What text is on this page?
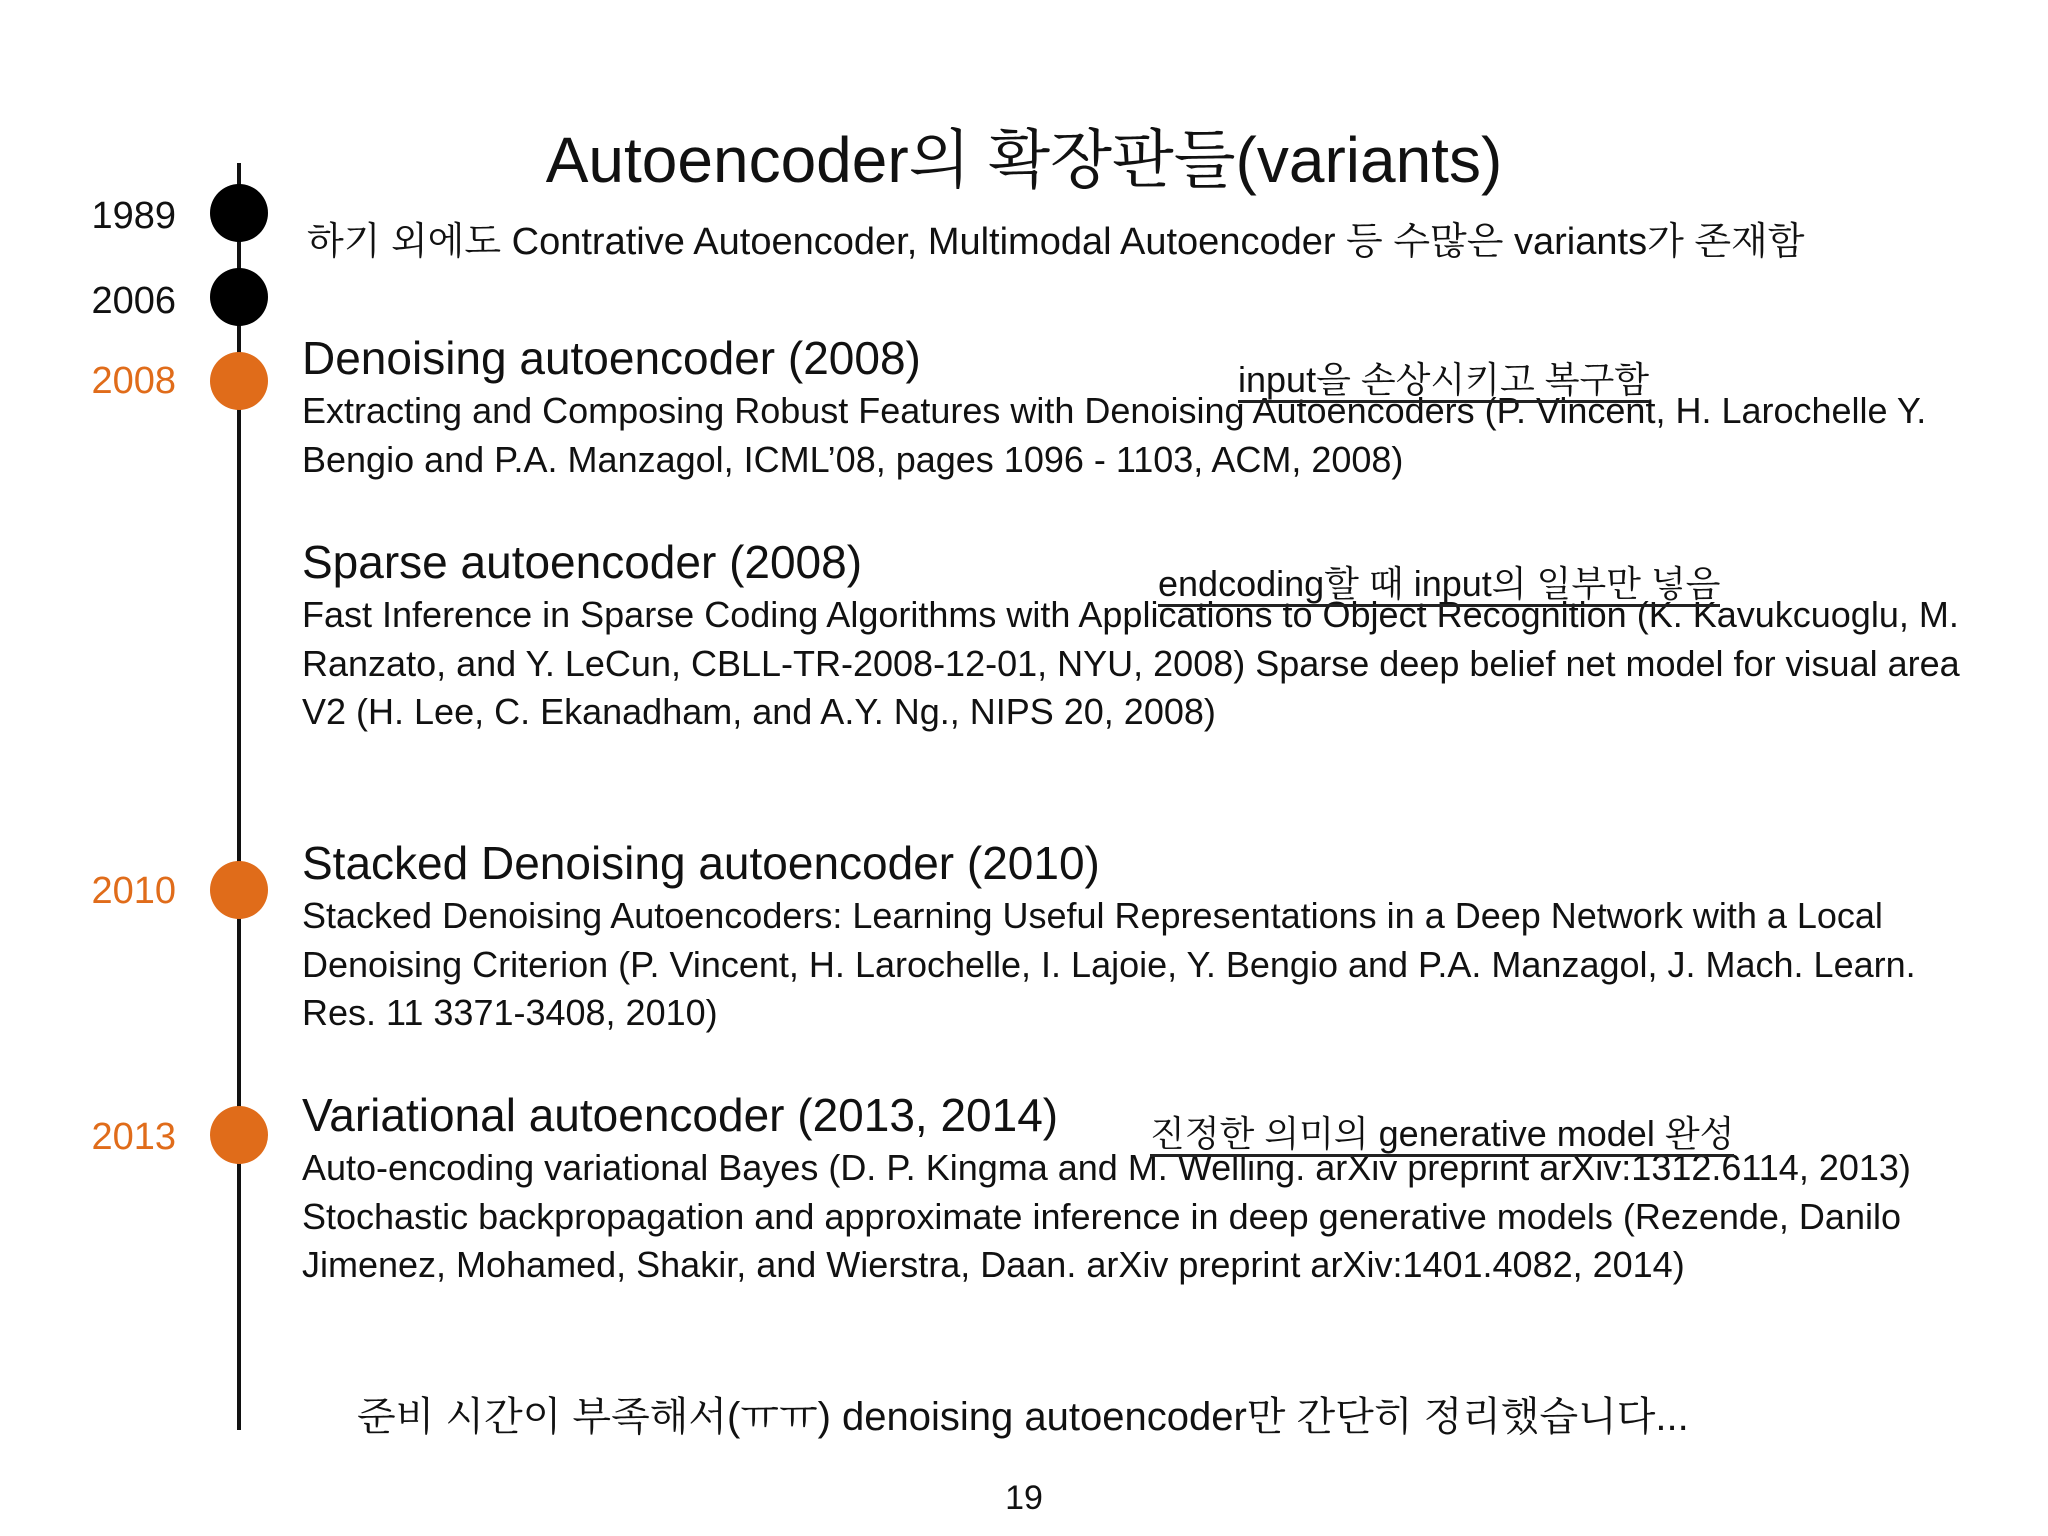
Autoencoder의 확장판들(variants)
하기 외에도 Contrative Autoencoder, Multimodal Autoencoder 등 수많은 variants가 존재함
1989
2006
2008
2010
2013
Denoising autoencoder (2008)
Extracting and Composing Robust Features with Denoising Autoencoders (P. Vincent, H. Larochelle Y. Bengio and P.A. Manzagol, ICML’08, pages 1096 - 1103, ACM, 2008)
input을 손상시키고 복구함
Sparse autoencoder (2008)
Fast Inference in Sparse Coding Algorithms with Applications to Object Recognition (K. Kavukcuoglu, M. Ranzato, and Y. LeCun, CBLL-TR-2008-12-01, NYU, 2008) Sparse deep belief net model for visual area V2 (H. Lee, C. Ekanadham, and A.Y. Ng., NIPS 20, 2008)
endcoding할 때 input의 일부만 넣음
Stacked Denoising autoencoder (2010)
Stacked Denoising Autoencoders: Learning Useful Representations in a Deep Network with a Local Denoising Criterion (P. Vincent, H. Larochelle, I. Lajoie, Y. Bengio and P.A. Manzagol, J. Mach. Learn. Res. 11 3371-3408, 2010)
Variational autoencoder (2013, 2014)
Auto-encoding variational Bayes (D. P. Kingma and M. Welling. arXiv preprint arXiv:1312.6114, 2013) Stochastic backpropagation and approximate inference in deep generative models (Rezende, Danilo Jimenez, Mohamed, Shakir, and Wierstra, Daan. arXiv preprint arXiv:1401.4082, 2014)
진정한 의미의 generative model 완성
준비 시간이 부족해서(ㅠㅠ) denoising autoencoder만 간단히 정리했습니다...
19
